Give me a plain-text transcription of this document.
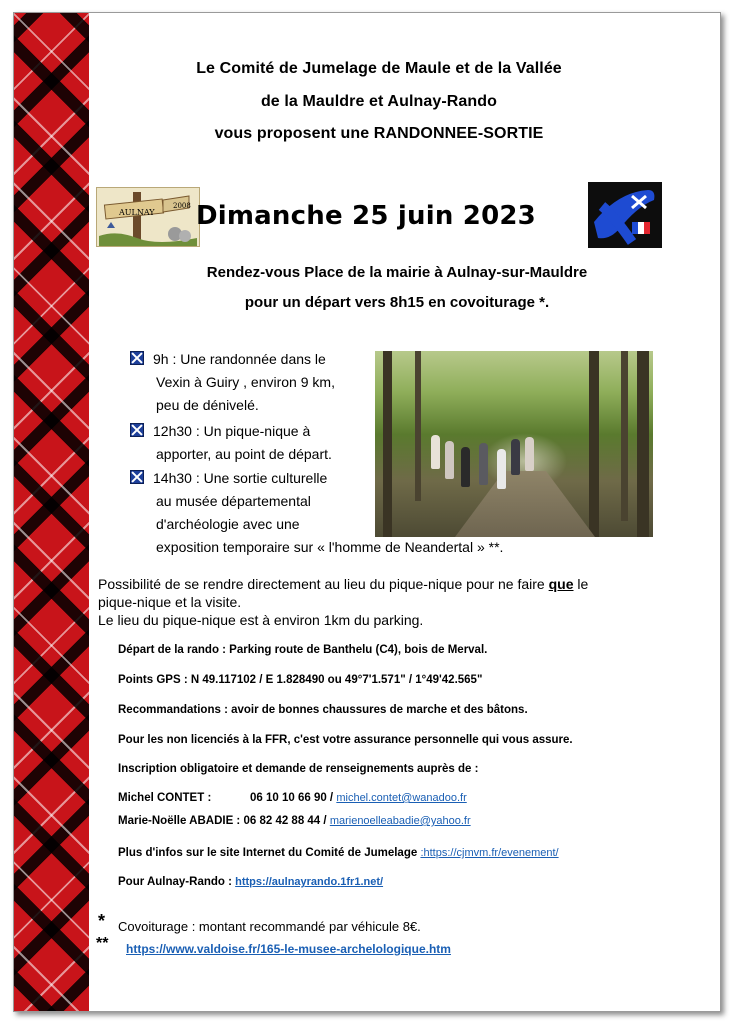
Le Comité de Jumelage de Maule et de la Vallée
de la Mauldre et Aulnay-Rando
vous proposent une RANDONNEE-SORTIE
AULNAY
2008 Dimanche 25 juin 2023
Rendez-vous Place de la mairie à Aulnay-sur-Mauldre
pour un départ vers 8h15 en covoiturage *.
9h : Une randonnée dans le
Vexin à Guiry , environ 9 km,
peu de dénivelé.
12h30 : Un pique-nique à
apporter, au point de départ.
14h30 : Une sortie culturelle
au musée départemental
d'archéologie avec une
exposition temporaire sur « l'homme de Neandertal » **.
Possibilité de se rendre directement au lieu du pique-nique pour ne faire que le
pique-nique et la visite.
Le lieu du pique-nique est à environ 1km du parking.
Départ de la rando : Parking route de Banthelu (C4), bois de Merval.
Points GPS : N 49.117102 / E 1.828490 ou 49°7'1.571" / 1°49'42.565"
Recommandations : avoir de bonnes chaussures de marche et des bâtons.
Pour les non licenciés à la FFR, c'est votre assurance personnelle qui vous assure.
Inscription obligatoire et demande de renseignements auprès de :
Michel CONTET :	06 10 10 66 90 / michel.contet@wanadoo.fr
Marie-Noëlle ABADIE : 06 82 42 88 44 / marienoelleabadie@yahoo.fr
Plus d'infos sur le site Internet du Comité de Jumelage :https://cjmvm.fr/evenement/
Pour Aulnay-Rando : https://aulnayrando.1fr1.net/
* Covoiturage : montant recommandé par véhicule 8€.
** https://www.valdoise.fr/165-le-musee-archelologique.htm
